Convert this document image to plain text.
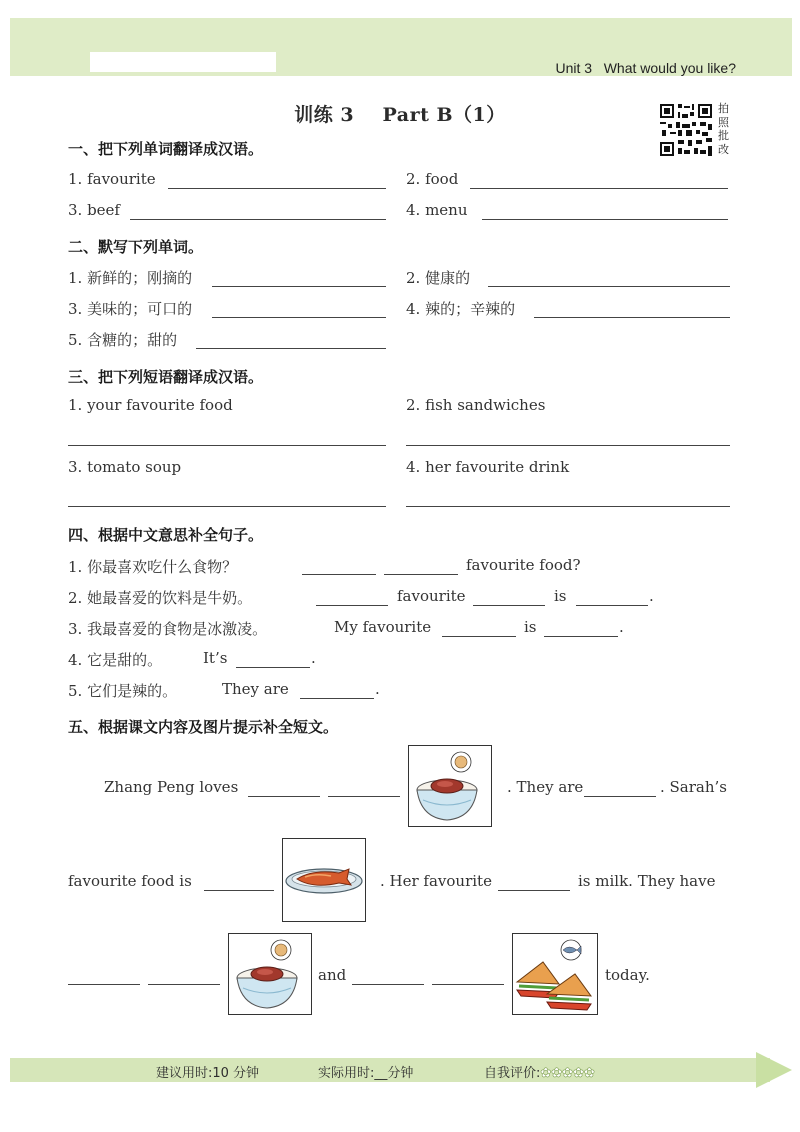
Unit 3 What would you like?
训练 3    Part B（1）	拍照批改
一、把下列单词翻译成汉语。
1. favourite	2. food
3. beef	4. menu
二、默写下列单词。
1. 新鲜的；刚摘的	2. 健康的
3. 美味的；可口的	4. 辣的；辛辣的
5. 含糖的；甜的
三、把下列短语翻译成汉语。
1. your favourite food	2. fish sandwiches
3. tomato soup	4. her favourite drink
四、根据中文意思补全句子。
1. 你最喜欢吃什么食物？	favourite food?
2. 她最喜爱的饮料是牛奶。	favourite	is	.
3. 我最喜爱的食物是冰激凌。	My favourite	is	.
4. 它是甜的。	It’s	.
5. 它们是辣的。	They are	.
五、根据课文内容及图片提示补全短文。
Zhang Peng loves	. They are	. Sarah’s
favourite food is	. Her favourite	is milk. They have
and	today.
建议用时:10 分钟	实际用时:__分钟	自我评价:✿✿✿✿✿
